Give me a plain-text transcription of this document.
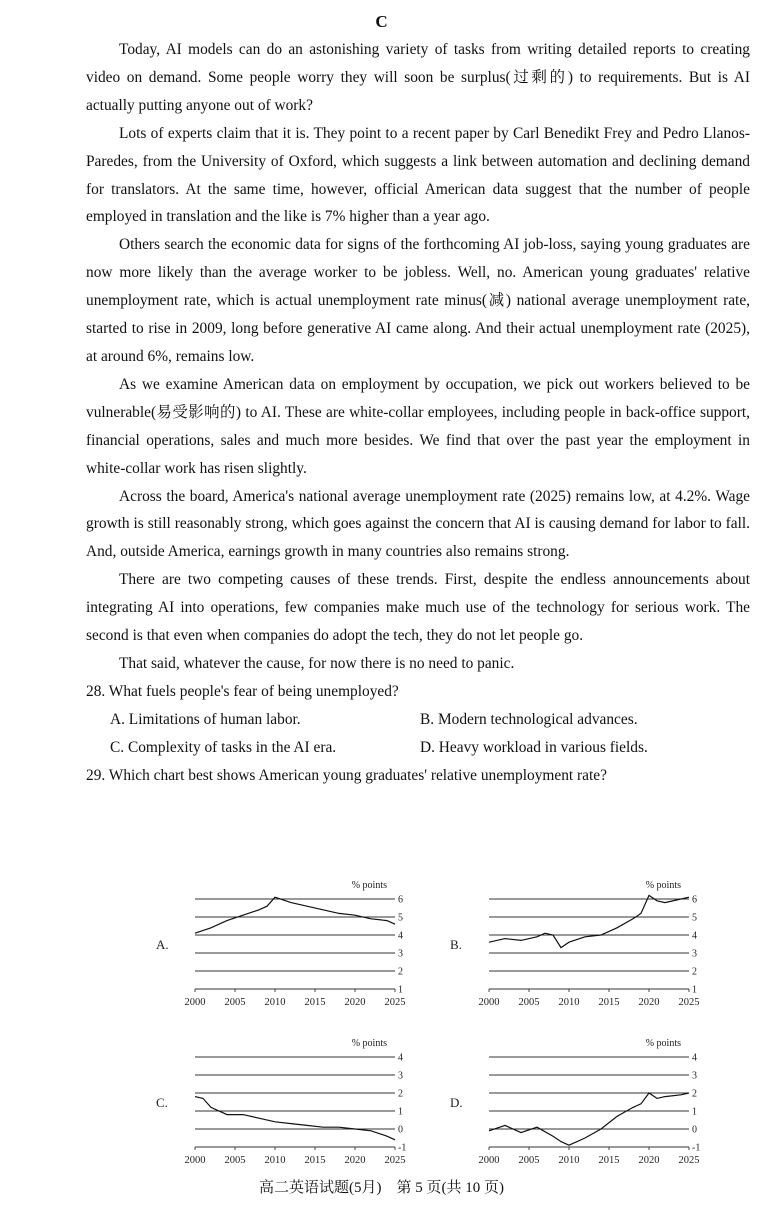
C

Today, AI models can do an astonishing variety of tasks from writing detailed reports to creating video on demand. Some people worry they will soon be surplus(过剩的) to requirements. But is AI actually putting anyone out of work?

Lots of experts claim that it is. They point to a recent paper by Carl Benedikt Frey and Pedro Llanos-Paredes, from the University of Oxford, which suggests a link between automation and declining demand for translators. At the same time, however, official American data suggest that the number of people employed in translation and the like is 7% higher than a year ago.

Others search the economic data for signs of the forthcoming AI job-loss, saying young graduates are now more likely than the average worker to be jobless. Well, no. American young graduates' relative unemployment rate, which is actual unemployment rate minus(减) national average unemployment rate, started to rise in 2009, long before generative AI came along. And their actual unemployment rate (2025), at around 6%, remains low.

As we examine American data on employment by occupation, we pick out workers believed to be vulnerable(易受影响的) to AI. These are white-collar employees, including people in back-office support, financial operations, sales and much more besides. We find that over the past year the employment in white-collar work has risen slightly.

Across the board, America's national average unemployment rate (2025) remains low, at 4.2%. Wage growth is still reasonably strong, which goes against the concern that AI is causing demand for labor to fall. And, outside America, earnings growth in many countries also remains strong.

There are two competing causes of these trends. First, despite the endless announcements about integrating AI into operations, few companies make much use of the technology for serious work. The second is that even when companies do adopt the tech, they do not let people go.

That said, whatever the cause, for now there is no need to panic.

28. What fuels people's fear of being unemployed?
A. Limitations of human labor.	B. Modern technological advances.
C. Complexity of tasks in the AI era.	D. Heavy workload in various fields.
29. Which chart best shows American young graduates' relative unemployment rate?
% points
A.
1
2
3
4
5
6
2000 2005 2010 2015 2020 2025
% points
B.
1
2
3
4
5
6
2000 2005 2010 2015 2020 2025
% points
C.
-1
0
1
2
3
4
2000 2005 2010 2015 2020 2025
% points
D.
-1
0
1
2
3
4
2000 2005 2010 2015 2020 2025
高二英语试题(5月)　第 5 页(共 10 页)
